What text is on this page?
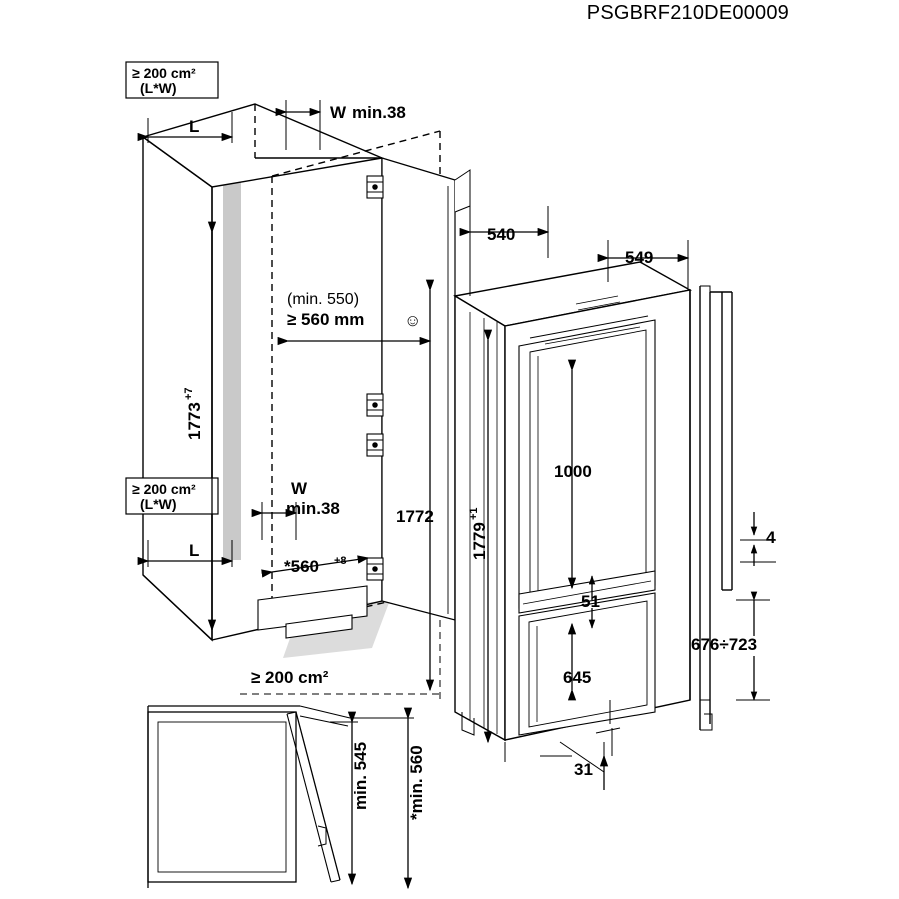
PSGBRF210DE00009
≥ 200 cm²
(L*W)
≥ 200 cm²
(L*W)
≥ 200 cm²
L
L
W min.38
W
min.38
(min. 550)
≥ 560 mm ☺
1773
+7
*560 +8
1772
540
549
1779
+1
1000
51
645
31
4
676÷723
min. 545 *min. 560
